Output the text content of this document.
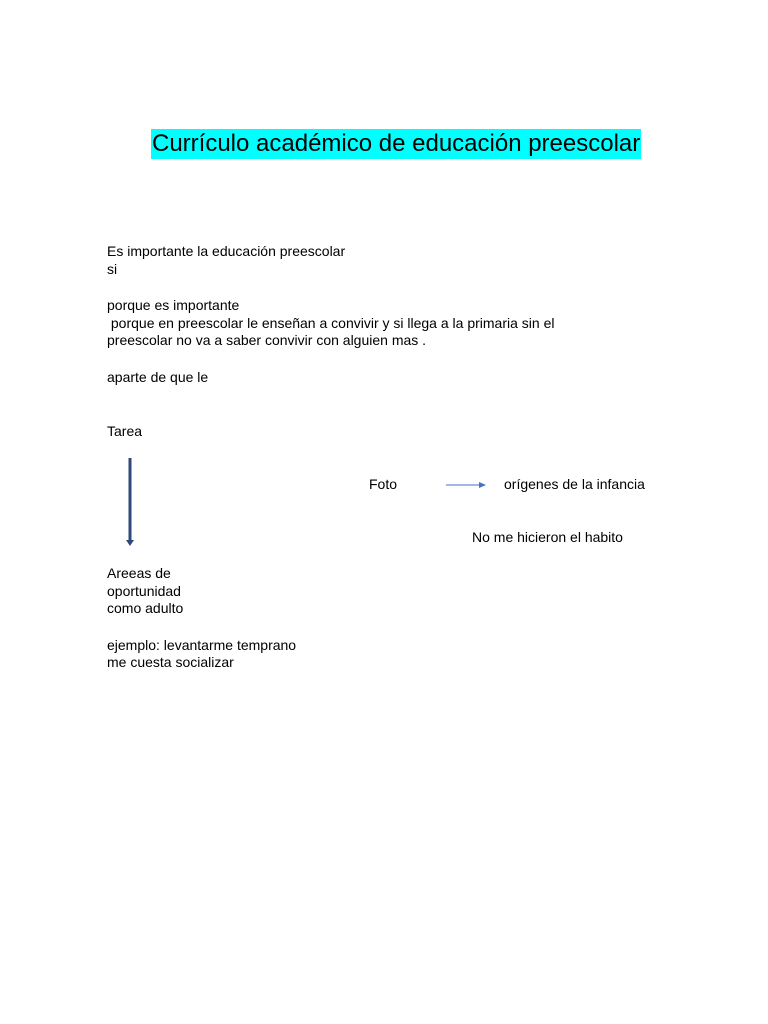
Currículo académico de educación preescolar
Es importante la educación preescolar
si
porque es importante
porque en preescolar le enseñan a convivir y si llega a la primaria sin el
preescolar no va a saber convivir con alguien mas .
aparte de que le
Tarea
Foto	orígenes de la infancia
No me hicieron el habito
Areeas de
oportunidad
como adulto
ejemplo: levantarme temprano
me cuesta socializar
